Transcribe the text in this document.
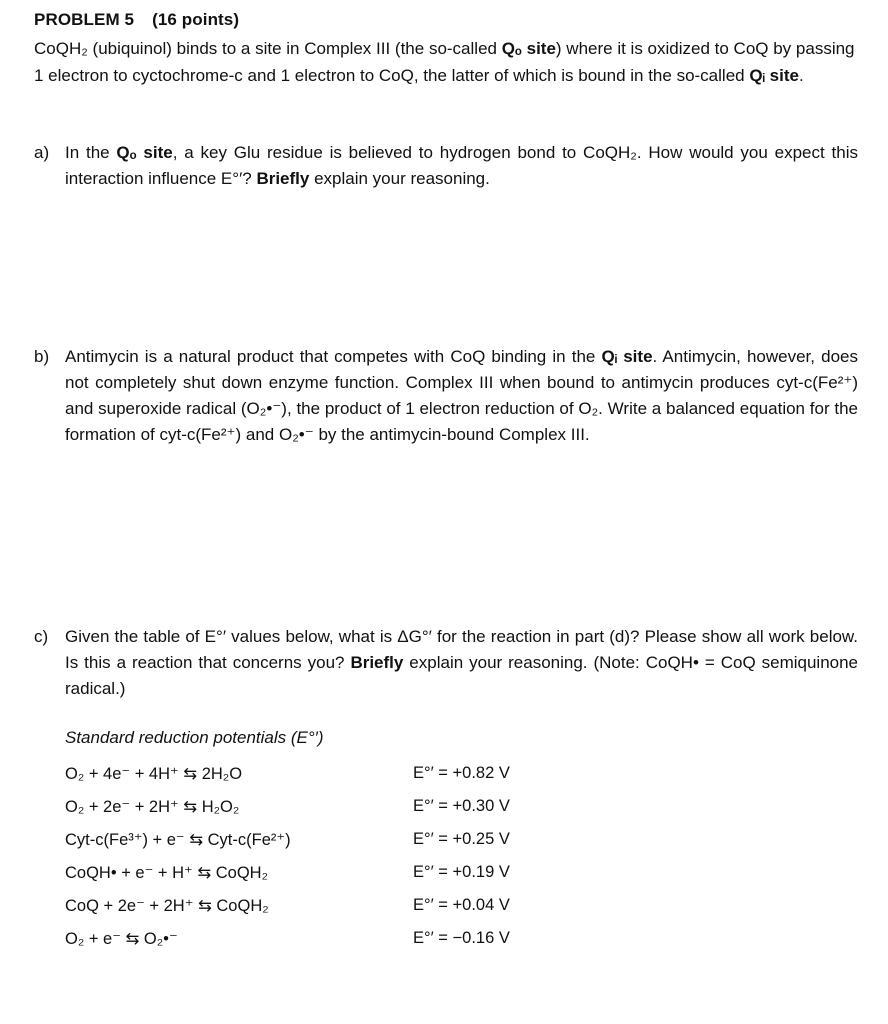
PROBLEM 5 (16 points)
CoQH₂ (ubiquinol) binds to a site in Complex III (the so-called Qₒ site) where it is oxidized to CoQ by passing 1 electron to cyctochrome-c and 1 electron to CoQ, the latter of which is bound in the so-called Qᵢ site.
a) In the Qₒ site, a key Glu residue is believed to hydrogen bond to CoQH₂. How would you expect this interaction influence E°′? Briefly explain your reasoning.
b) Antimycin is a natural product that competes with CoQ binding in the Qᵢ site. Antimycin, however, does not completely shut down enzyme function. Complex III when bound to antimycin produces cyt-c(Fe²⁺) and superoxide radical (O₂•⁻), the product of 1 electron reduction of O₂. Write a balanced equation for the formation of cyt-c(Fe²⁺) and O₂•⁻ by the antimycin-bound Complex III.
c) Given the table of E°′ values below, what is ΔG°′ for the reaction in part (d)? Please show all work below. Is this a reaction that concerns you? Briefly explain your reasoning. (Note: CoQH• = CoQ semiquinone radical.)
Standard reduction potentials (E°′)
O₂ + 4e⁻ + 4H⁺ ⇆ 2H₂O	E°′ = +0.82 V
O₂ + 2e⁻ + 2H⁺ ⇆ H₂O₂	E°′ = +0.30 V
Cyt-c(Fe³⁺) + e⁻ ⇆ Cyt-c(Fe²⁺)	E°′ = +0.25 V
CoQH• + e⁻ + H⁺ ⇆ CoQH₂	E°′ = +0.19 V
CoQ + 2e⁻ + 2H⁺ ⇆ CoQH₂	E°′ = +0.04 V
O₂ + e⁻ ⇆ O₂•⁻	E°′ = −0.16 V
